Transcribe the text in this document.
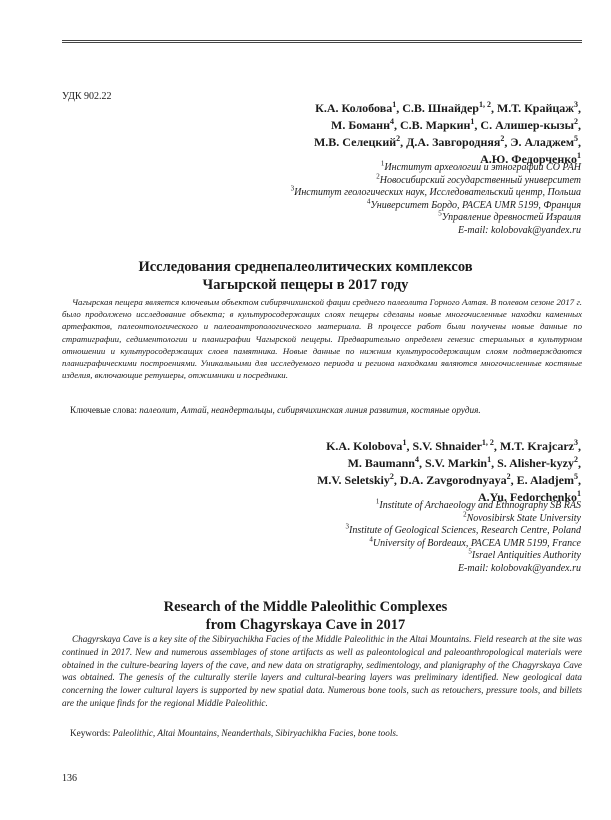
УДК 902.22
К.А. Колобова$^1$, С.В. Шнайдер$^{1, 2}$, М.Т. Крайцаж$^3$,
М. Боманн$^4$, С.В. Маркин$^1$, С. Алишер-кызы$^2$,
М.В. Селецкий$^2$, Д.А. Завгородняя$^2$, Э. Аладжем$^5$,
А.Ю. Федорченко$^1$
$^1$Институт археологии и этнографии СО РАН
$^2$Новосибирский государственный университет
$^3$Институт геологических наук, Исследовательский центр, Польша
$^4$Университет Бордо, PACEA UMR 5199, Франция
$^5$Управление древностей Израиля
E-mail: kolobovak@yandex.ru
Исследования среднепалеолитических комплексов
Чагырской пещеры в 2017 году
Чагырская пещера является ключевым объектом сибирячихинской фации среднего палеолита Горного Алтая. В полевом сезоне 2017 г. было продолжено исследование объекта; в культуросодержащих слоях пещеры сделаны новые многочисленные находки каменных артефактов, палеонтологического и палеоантропологического материала. В процессе работ были получены новые данные по стратиграфии, седиментологии и планиграфии Чагырской пещеры. Предварительно определен генезис стерильных в культурном отношении и культуросодержащих слоев памятника. Новые данные по нижним культуросодержащим слоям подтверждаются планиграфическими построениями. Уникальными для исследуемого периода и региона находками являются многочисленные костяные изделия, включающие ретушеры, отжимники и посредники.
Ключевые слова: палеолит, Алтай, неандертальцы, сибирячихинская линия развития, костяные орудия.
K.A. Kolobova$^1$, S.V. Shnaider$^{1, 2}$, M.T. Krajcarz$^3$,
M. Baumann$^4$, S.V. Markin$^1$, S. Alisher-kyzy$^2$,
M.V. Seletskiy$^2$, D.A. Zavgorodnyaya$^2$, E. Aladjem$^5$,
A.Yu. Fedorchenko$^1$
$^1$Institute of Archaeology and Ethnography SB RAS
$^2$Novosibirsk State University
$^3$Institute of Geological Sciences, Research Centre, Poland
$^4$University of Bordeaux, PACEA UMR 5199, France
$^5$Israel Antiquities Authority
E-mail: kolobovak@yandex.ru
Research of the Middle Paleolithic Complexes
from Chagyrskaya Cave in 2017
Chagyrskaya Cave is a key site of the Sibiryachikha Facies of the Middle Paleolithic in the Altai Mountains. Field research at the site was continued in 2017. New and numerous assemblages of stone artifacts as well as paleontological and paleoanthropological materials were obtained in the culture-bearing layers of the cave, and new data on stratigraphy, sedimentology, and planigraphy of the Chagyrskaya Cave was obtained. The genesis of the culturally sterile layers and cultural-bearing layers was preliminary identified. New geological data concerning the lower cultural layers is supported by new spatial data. Numerous bone tools, such as retouchers, pressure tools, and billets are the unique finds for the regional Middle Paleolithic.
Keywords: Paleolithic, Altai Mountains, Neanderthals, Sibiryachikha Facies, bone tools.
136
